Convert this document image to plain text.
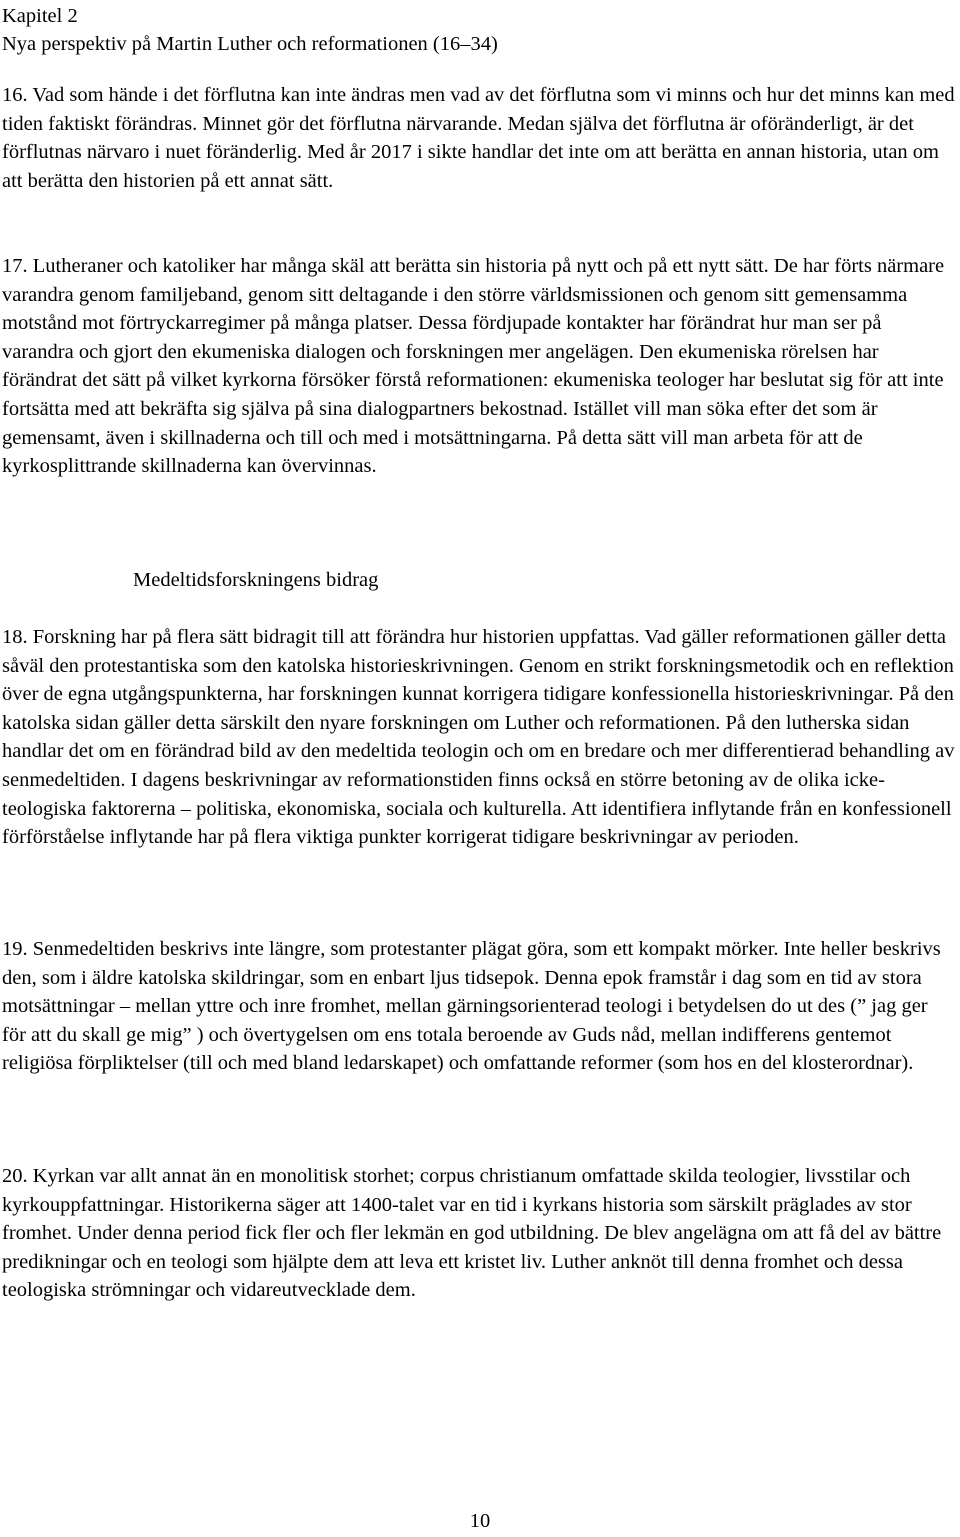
Kapitel 2
Nya perspektiv på Martin Luther och reformationen (16–34)

16. Vad som hände i det förflutna kan inte ändras men vad av det förflutna som vi minns och hur det minns kan med tiden faktiskt förändras. Minnet gör det förflutna närvarande. Medan själva det förflutna är oföränderligt, är det förflutnas närvaro i nuet föränderlig. Med år 2017 i sikte handlar det inte om att berätta en annan historia, utan om att berätta den historien på ett annat sätt.

17. Lutheraner och katoliker har många skäl att berätta sin historia på nytt och på ett nytt sätt. De har förts närmare varandra genom familjeband, genom sitt deltagande i den större världsmissionen och genom sitt gemensamma motstånd mot förtryckarregimer på många platser. Dessa fördjupade kontakter har förändrat hur man ser på varandra och gjort den ekumeniska dialogen och forskningen mer angelägen. Den ekumeniska rörelsen har förändrat det sätt på vilket kyrkorna försöker förstå reformationen: ekumeniska teologer har beslutat sig för att inte fortsätta med att bekräfta sig själva på sina dialogpartners bekostnad. Istället vill man söka efter det som är gemensamt, även i skillnaderna och till och med i motsättningarna. På detta sätt vill man arbeta för att de kyrkosplittrande skillnaderna kan övervinnas.

Medeltidsforskningens bidrag

18. Forskning har på flera sätt bidragit till att förändra hur historien uppfattas. Vad gäller reformationen gäller detta såväl den protestantiska som den katolska historieskrivningen. Genom en strikt forskningsmetodik och en reflektion över de egna utgångspunkterna, har forskningen kunnat korrigera tidigare konfessionella historieskrivningar. På den katolska sidan gäller detta särskilt den nyare forskningen om Luther och reformationen. På den lutherska sidan handlar det om en förändrad bild av den medeltida teologin och om en bredare och mer differentierad behandling av senmedeltiden. I dagens beskrivningar av reformationstiden finns också en större betoning av de olika icke-teologiska faktorerna – politiska, ekonomiska, sociala och kulturella. Att identifiera inflytande från en konfessionell förförståelse inflytande har på flera viktiga punkter korrigerat tidigare beskrivningar av perioden.

19. Senmedeltiden beskrivs inte längre, som protestanter plägat göra, som ett kompakt mörker. Inte heller beskrivs den, som i äldre katolska skildringar, som en enbart ljus tidsepok. Denna epok framstår i dag som en tid av stora motsättningar – mellan yttre och inre fromhet, mellan gärningsorienterad teologi i betydelsen do ut des (” jag ger för att du skall ge mig” ) och övertygelsen om ens totala beroende av Guds nåd, mellan indifferens gentemot religiösa förpliktelser (till och med bland ledarskapet) och omfattande reformer (som hos en del klosterordnar).

20. Kyrkan var allt annat än en monolitisk storhet; corpus christianum omfattade skilda teologier, livsstilar och kyrkouppfattningar. Historikerna säger att 1400-talet var en tid i kyrkans historia som särskilt präglades av stor fromhet. Under denna period fick fler och fler lekmän en god utbildning. De blev angelägna om att få del av bättre predikningar och en teologi som hjälpte dem att leva ett kristet liv. Luther anknöt till denna fromhet och dessa teologiska strömningar och vidareutvecklade dem.

10
